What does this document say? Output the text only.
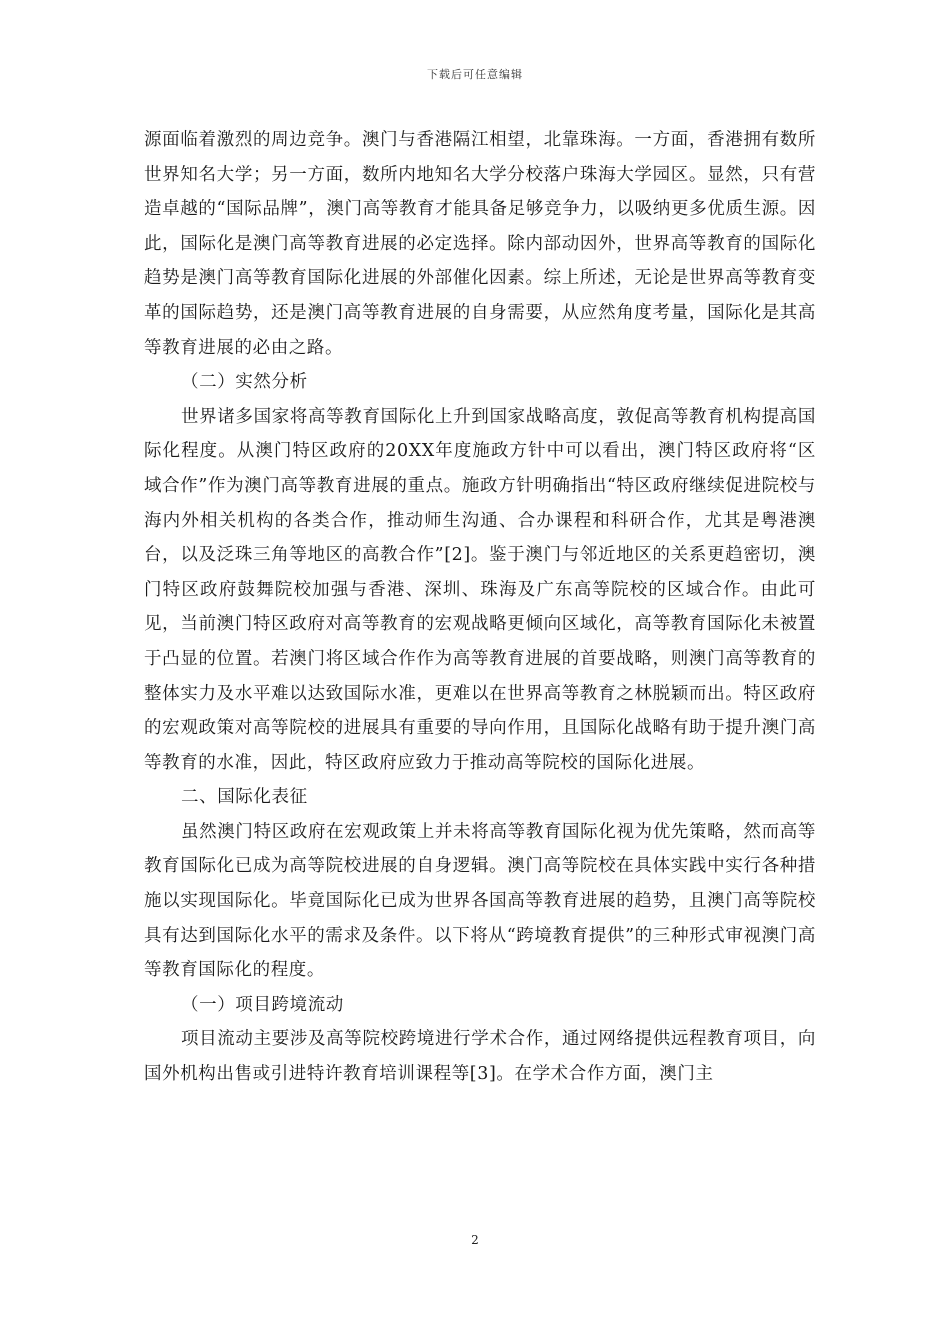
下载后可任意编辑

源面临着激烈的周边竞争。澳门与香港隔江相望，北靠珠海。一方面，香港拥有数所世界知名大学；另一方面，数所内地知名大学分校落户珠海大学园区。显然，只有营造卓越的“国际品牌”，澳门高等教育才能具备足够竞争力，以吸纳更多优质生源。因此，国际化是澳门高等教育进展的必定选择。除内部动因外，世界高等教育的国际化趋势是澳门高等教育国际化进展的外部催化因素。综上所述，无论是世界高等教育变革的国际趋势，还是澳门高等教育进展的自身需要，从应然角度考量，国际化是其高等教育进展的必由之路。

（二）实然分析

世界诸多国家将高等教育国际化上升到国家战略高度，敦促高等教育机构提高国际化程度。从澳门特区政府的20XX年度施政方针中可以看出，澳门特区政府将“区域合作”作为澳门高等教育进展的重点。施政方针明确指出“特区政府继续促进院校与海内外相关机构的各类合作，推动师生沟通、合办课程和科研合作，尤其是粤港澳台，以及泛珠三角等地区的高教合作”[2]。鉴于澳门与邻近地区的关系更趋密切，澳门特区政府鼓舞院校加强与香港、深圳、珠海及广东高等院校的区域合作。由此可见，当前澳门特区政府对高等教育的宏观战略更倾向区域化，高等教育国际化未被置于凸显的位置。若澳门将区域合作作为高等教育进展的首要战略，则澳门高等教育的整体实力及水平难以达致国际水准，更难以在世界高等教育之林脱颖而出。特区政府的宏观政策对高等院校的进展具有重要的导向作用，且国际化战略有助于提升澳门高等教育的水准，因此，特区政府应致力于推动高等院校的国际化进展。

二、国际化表征

虽然澳门特区政府在宏观政策上并未将高等教育国际化视为优先策略，然而高等教育国际化已成为高等院校进展的自身逻辑。澳门高等院校在具体实践中实行各种措施以实现国际化。毕竟国际化已成为世界各国高等教育进展的趋势，且澳门高等院校具有达到国际化水平的需求及条件。以下将从“跨境教育提供”的三种形式审视澳门高等教育国际化的程度。

（一）项目跨境流动

项目流动主要涉及高等院校跨境进行学术合作，通过网络提供远程教育项目，向国外机构出售或引进特许教育培训课程等[3]。在学术合作方面，澳门主

2
